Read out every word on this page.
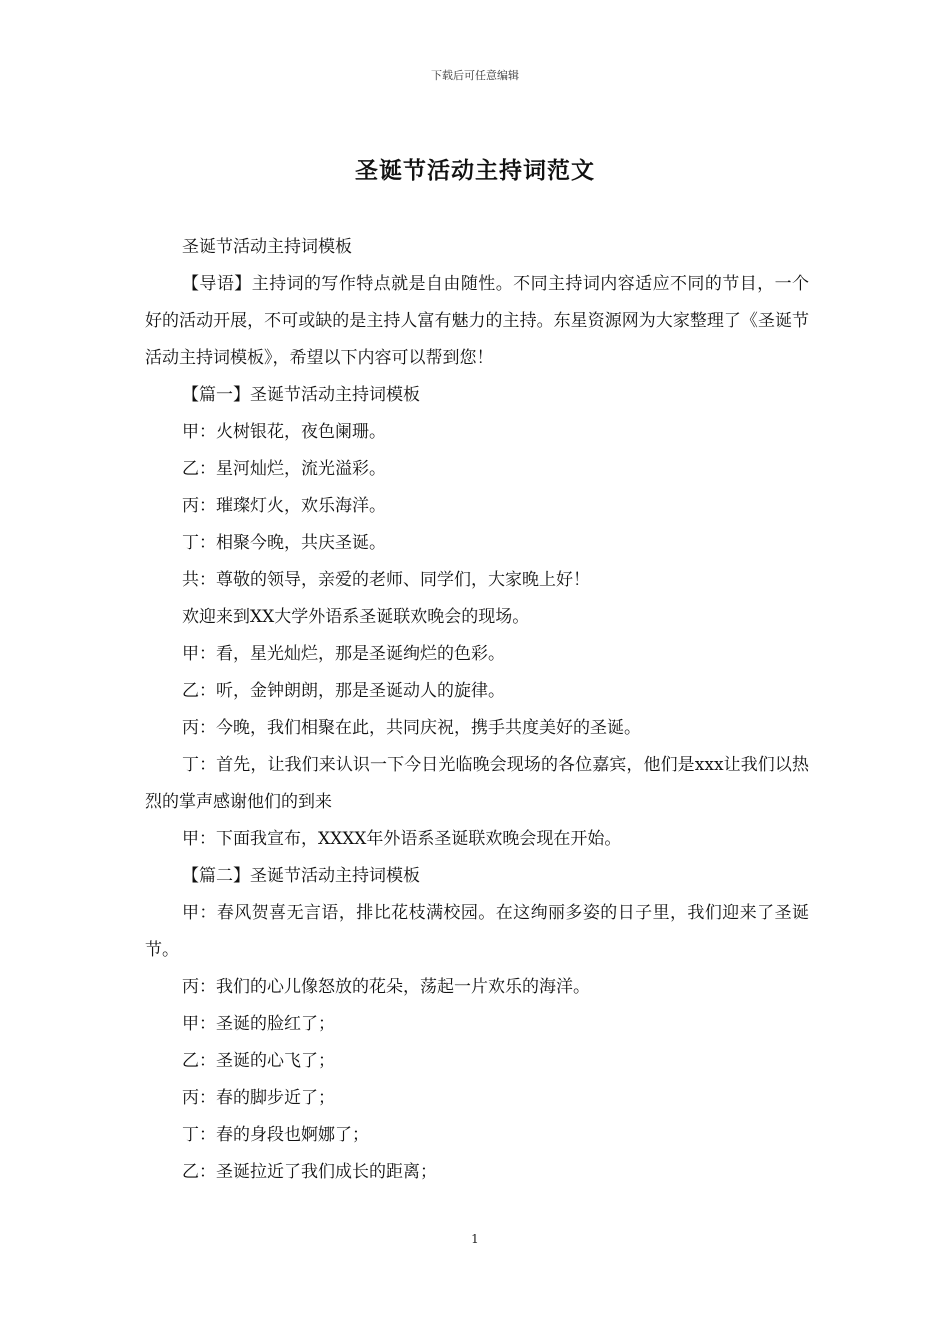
下载后可任意编辑
圣诞节活动主持词范文

圣诞节活动主持词模板

【导语】主持词的写作特点就是自由随性。不同主持词内容适应不同的节目，一个好的活动开展，不可或缺的是主持人富有魅力的主持。东星资源网为大家整理了《圣诞节活动主持词模板》，希望以下内容可以帮到您！

【篇一】圣诞节活动主持词模板

甲：火树银花，夜色阑珊。

乙：星河灿烂，流光溢彩。

丙：璀璨灯火，欢乐海洋。

丁：相聚今晚，共庆圣诞。

共：尊敬的领导，亲爱的老师、同学们，大家晚上好！

欢迎来到XX大学外语系圣诞联欢晚会的现场。

甲：看，星光灿烂，那是圣诞绚烂的色彩。

乙：听，金钟朗朗，那是圣诞动人的旋律。

丙：今晚，我们相聚在此，共同庆祝，携手共度美好的圣诞。

丁：首先，让我们来认识一下今日光临晚会现场的各位嘉宾，他们是xxx让我们以热烈的掌声感谢他们的到来

甲：下面我宣布，XXXX年外语系圣诞联欢晚会现在开始。

【篇二】圣诞节活动主持词模板

甲：春风贺喜无言语，排比花枝满校园。在这绚丽多姿的日子里，我们迎来了圣诞节。

丙：我们的心儿像怒放的花朵，荡起一片欢乐的海洋。

甲：圣诞的脸红了；

乙：圣诞的心飞了；

丙：春的脚步近了；

丁：春的身段也婀娜了；

乙：圣诞拉近了我们成长的距离；

1
